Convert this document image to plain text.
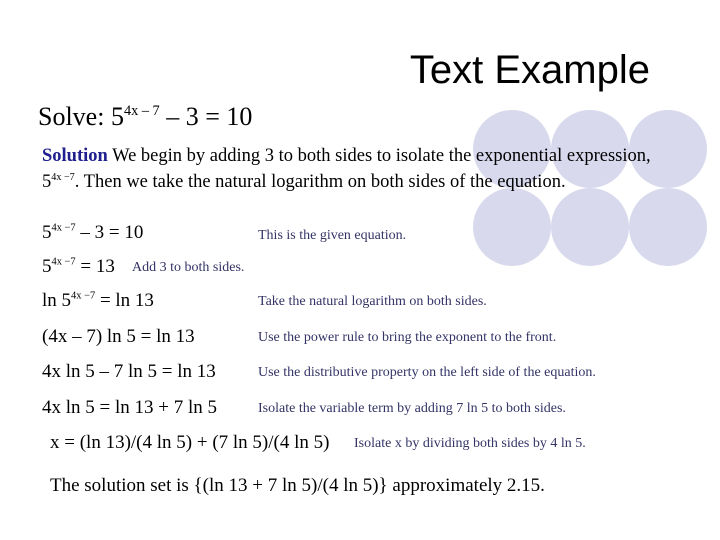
Text Example
Solve: $5^{4x - 7} - 3 = 10$
Solution We begin by adding 3 to both sides to isolate the exponential expression, $5^{4x -7}$. Then we take the natural logarithm on both sides of the equation.
$5^{4x -7} - 3 = 10$	This is the given equation.
$5^{4x -7} = 13$ Add 3 to both sides.
$\ln 5^{4x -7} = \ln 13$	Take the natural logarithm on both sides.
(4x – 7) ln 5 = ln 13	Use the power rule to bring the exponent to the front.
4x ln 5 – 7 ln 5 = ln 13	Use the distributive property on the left side of the equation.
4x ln 5 = ln 13 + 7 ln 5	Isolate the variable term by adding 7 ln 5 to both sides.
x = (ln 13)/(4 ln 5) + (7 ln 5)/(4 ln 5) Isolate x by dividing both sides by 4 ln 5.
The solution set is {(ln 13 + 7 ln 5)/(4 ln 5)} approximately 2.15.
